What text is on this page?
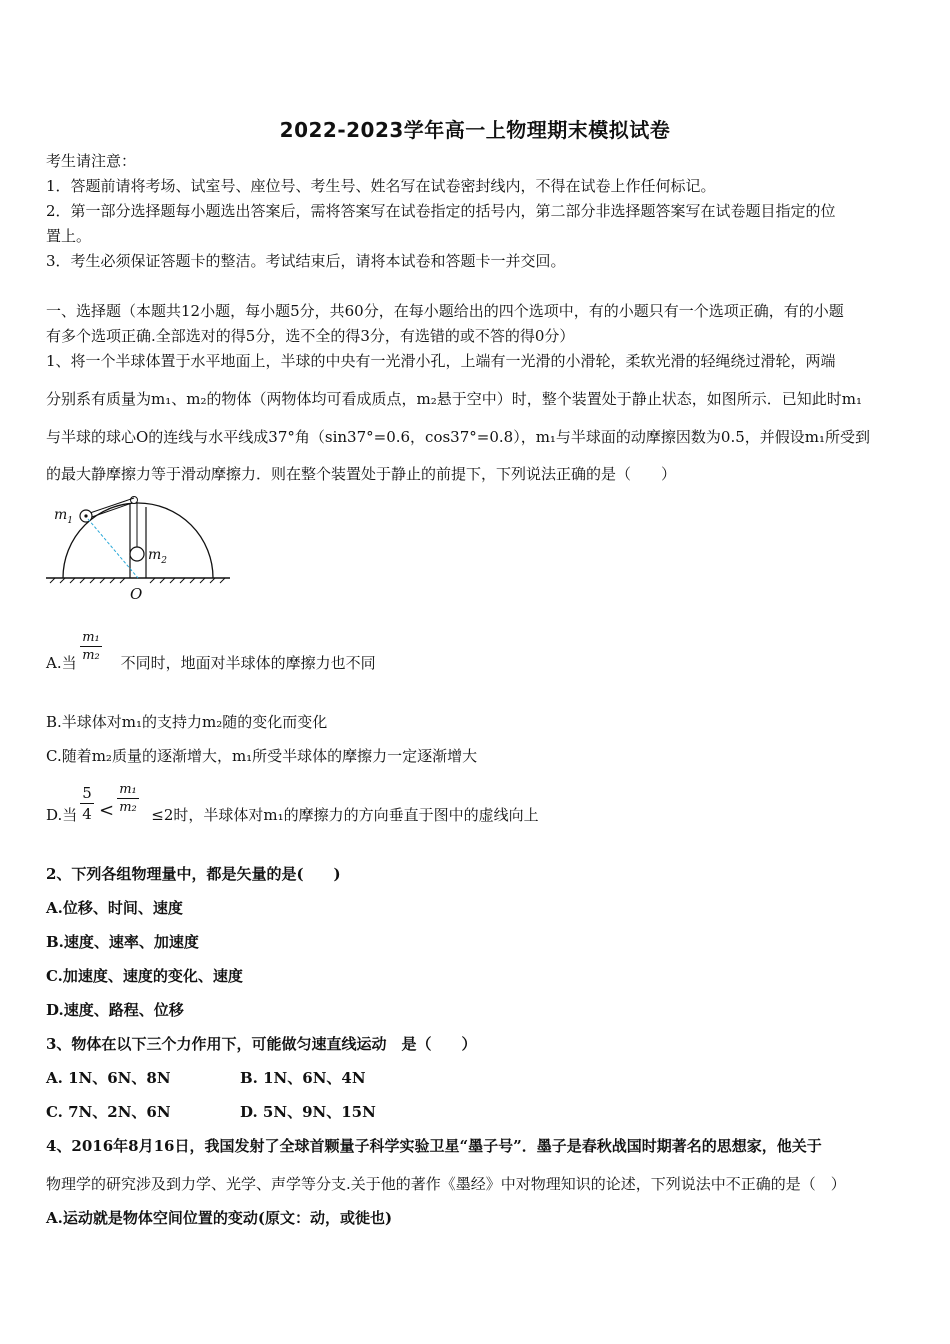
2022-2023学年高一上物理期末模拟试卷
考生请注意：
1．答题前请将考场、试室号、座位号、考生号、姓名写在试卷密封线内，不得在试卷上作任何标记。
2．第一部分选择题每小题选出答案后，需将答案写在试卷指定的括号内，第二部分非选择题答案写在试卷题目指定的位
置上。
3．考生必须保证答题卡的整洁。考试结束后，请将本试卷和答题卡一并交回。
一、选择题（本题共12小题，每小题5分，共60分，在每小题给出的四个选项中，有的小题只有一个选项正确，有的小题
有多个选项正确.全部选对的得5分，选不全的得3分，有选错的或不答的得0分）
1、将一个半球体置于水平地面上，半球的中央有一光滑小孔，上端有一光滑的小滑轮，柔软光滑的轻绳绕过滑轮，两端
分别系有质量为m₁、m₂的物体（两物体均可看成质点，m₂悬于空中）时，整个装置处于静止状态，如图所示．已知此时m₁
与半球的球心O的连线与水平线成37°角（sin37°=0.6，cos37°=0.8），m₁与半球面的动摩擦因数为0.5，并假设m₁所受到
的最大静摩擦力等于滑动摩擦力．则在整个装置处于静止的前提下，下列说法正确的是（　　）
$m_1$
$m_2$
O
A.当	不同时，地面对半球体的摩擦力也不同
m₁
m₂
B.半球体对m₁的支持力m₂随的变化而变化
C.随着m₂质量的逐渐增大，m₁所受半球体的摩擦力一定逐渐增大
D.当	≤2时，半球体对m₁的摩擦力的方向垂直于图中的虚线向上
5
4 <
m₁
m₂
2、下列各组物理量中，都是矢量的是(　　)
A.位移、时间、速度
B.速度、速率、加速度
C.加速度、速度的变化、速度
D.速度、路程、位移
3、物体在以下三个力作用下，可能做匀速直线运动　是（　　）
A. 1N、6N、8N	B. 1N、6N、4N
C. 7N、2N、6N	D. 5N、9N、15N
4、2016年8月16日，我国发射了全球首颗量子科学实验卫星“墨子号”．墨子是春秋战国时期著名的思想家，他关于
物理学的研究涉及到力学、光学、声学等分支.关于他的著作《墨经》中对物理知识的论述，下列说法中不正确的是（　）
A.运动就是物体空间位置的变动(原文：动，或徙也)
